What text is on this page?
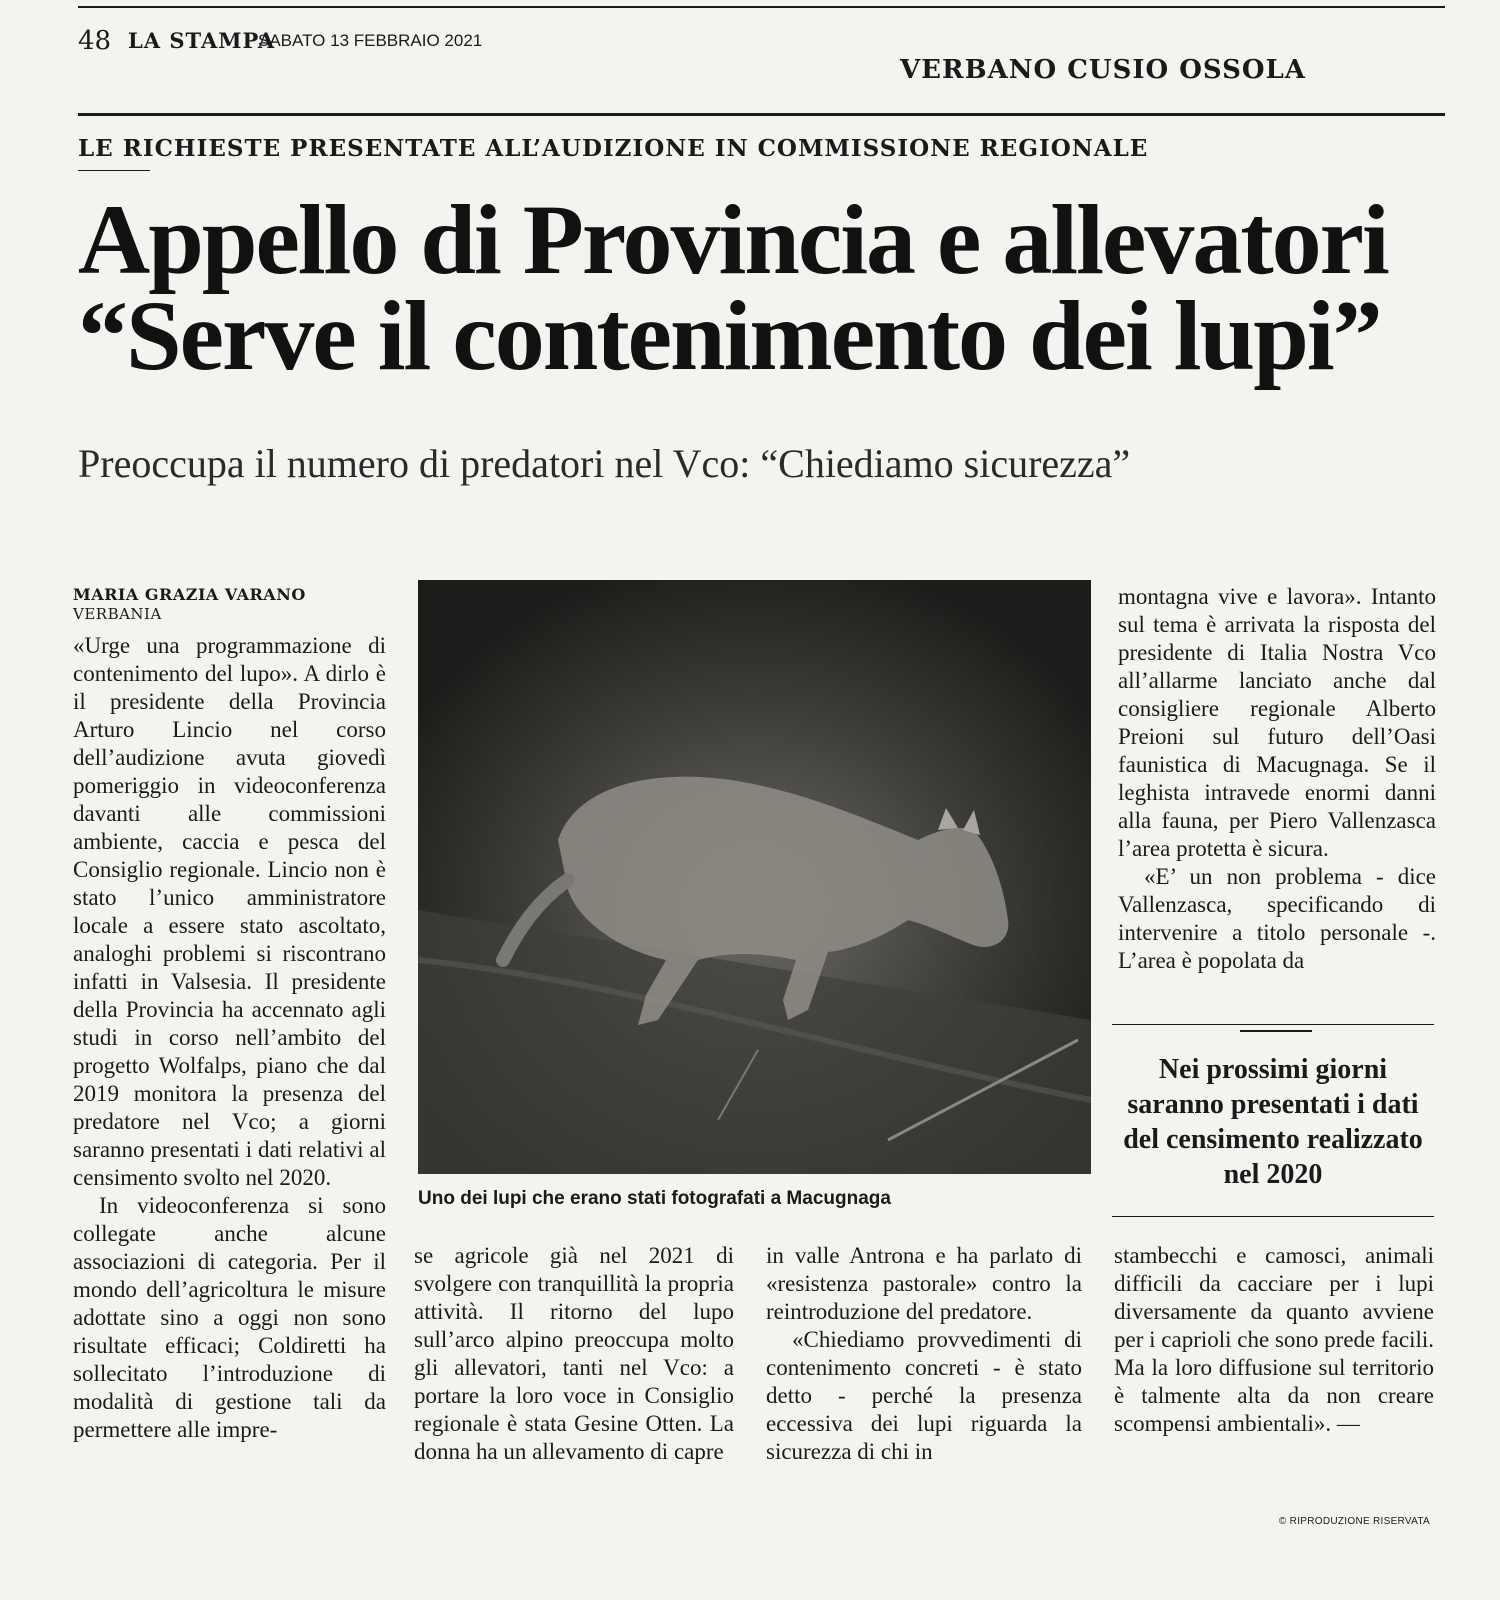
48 LA STAMPA
SABATO 13 FEBBRAIO 2021
VERBANO CUSIO OSSOLA
LE RICHIESTE PRESENTATE ALL’AUDIZIONE IN COMMISSIONE REGIONALE
Appello di Provincia e allevatori
“Serve il contenimento dei lupi”
Preoccupa il numero di predatori nel Vco: “Chiediamo sicurezza”
MARIA GRAZIA VARANO
VERBANIA

«Urge una programmazione di contenimento del lupo». A dirlo è il presidente della Provincia Arturo Lincio nel corso dell’audizione avuta giovedì pomeriggio in videoconferenza davanti alle commissioni ambiente, caccia e pesca del Consiglio regionale. Lincio non è stato l’unico amministratore locale a essere stato ascoltato, analoghi problemi si riscontrano infatti in Valsesia. Il presidente della Provincia ha accennato agli studi in corso nell’ambito del progetto Wolfalps, piano che dal 2019 monitora la presenza del predatore nel Vco; a giorni saranno presentati i dati relativi al censimento svolto nel 2020.

In videoconferenza si sono collegate anche alcune associazioni di categoria. Per il mondo dell’agricoltura le misure adottate sino a oggi non sono risultate efficaci; Coldiretti ha sollecitato l’introduzione di modalità di gestione tali da permettere alle impre-

Uno dei lupi che erano stati fotografati a Macugnaga

se agricole già nel 2021 di svolgere con tranquillità la propria attività. Il ritorno del lupo sull’arco alpino preoccupa molto gli allevatori, tanti nel Vco: a portare la loro voce in Consiglio regionale è stata Gesine Otten. La donna ha un allevamento di capre

in valle Antrona e ha parlato di «resistenza pastorale» contro la reintroduzione del predatore.

«Chiediamo provvedimenti di contenimento concreti - è stato detto - perché la presenza eccessiva dei lupi riguarda la sicurezza di chi in

montagna vive e lavora». Intanto sul tema è arrivata la risposta del presidente di Italia Nostra Vco all’allarme lanciato anche dal consigliere regionale Alberto Preioni sul futuro dell’Oasi faunistica di Macugnaga. Se il leghista intravede enormi danni alla fauna, per Piero Vallenzasca l’area protetta è sicura.

«E’ un non problema - dice Vallenzasca, specificando di intervenire a titolo personale -. L’area è popolata da

Nei prossimi giorni saranno presentati i dati del censimento realizzato nel 2020

stambecchi e camosci, animali difficili da cacciare per i lupi diversamente da quanto avviene per i caprioli che sono prede facili. Ma la loro diffusione sul territorio è talmente alta da non creare scompensi ambientali». —

© RIPRODUZIONE RISERVATA
